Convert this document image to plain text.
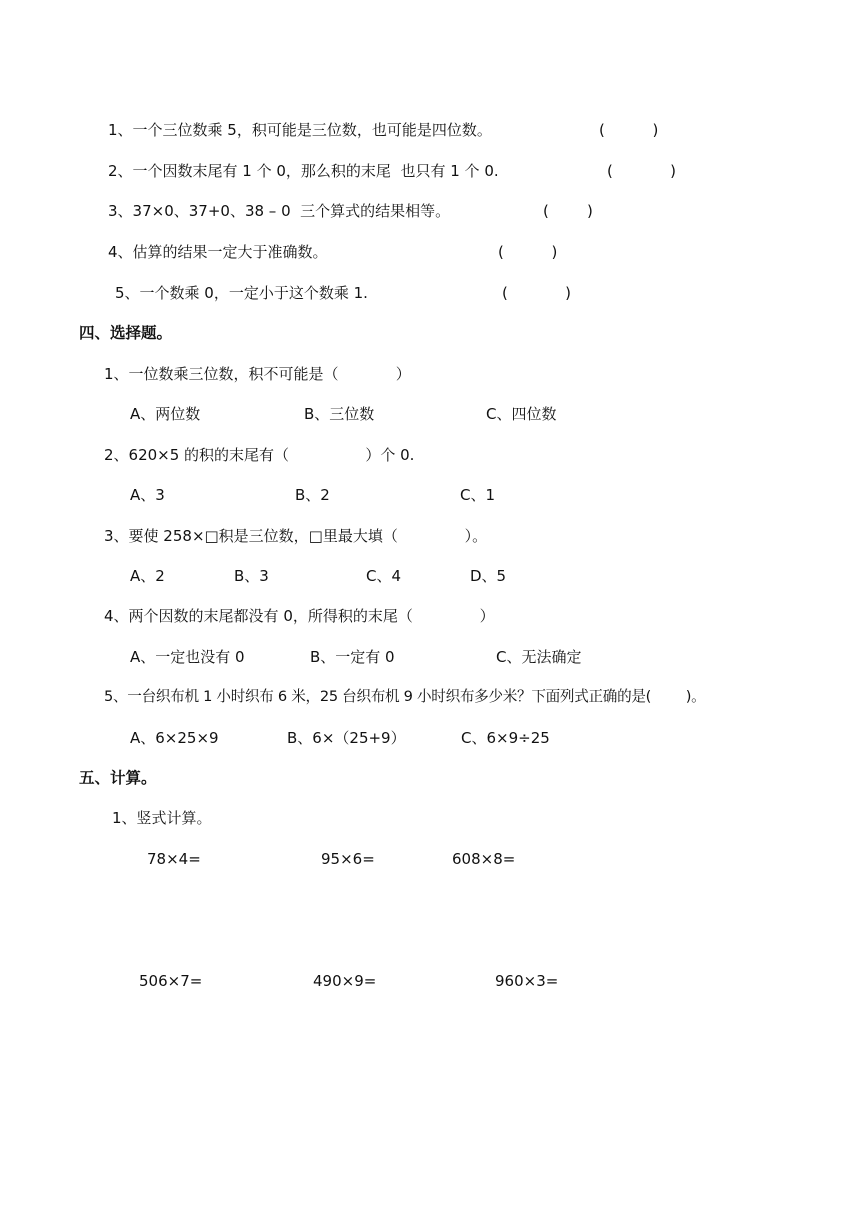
1、一个三位数乘 5，积可能是三位数，也可能是四位数。	(          )
2、一个因数末尾有 1 个 0，那么积的末尾  也只有 1 个 0.	(            )
3、37×0、37+0、38 – 0  三个算式的结果相等。	(        )
4、估算的结果一定大于准确数。	(          )
5、一个数乘 0，一定小于这个数乘 1.	(            )
四、选择题。
1、一位数乘三位数，积不可能是（            ）
A、两位数	B、三位数	C、四位数
2、620×5 的积的末尾有（                ）个 0.
A、3	B、2	C、1
3、要使 258×□积是三位数，□里最大填（              ）。
A、2	B、3	C、4	D、5
4、两个因数的末尾都没有 0，所得积的末尾（              ）
A、一定也没有 0	B、一定有 0	C、无法确定
5、一台织布机 1 小时织布 6 米，25 台织布机 9 小时织布多少米？下面列式正确的是(        )。
A、6×25×9	B、6×（25+9）	C、6×9÷25
五、计算。
1、竖式计算。
78×4=	95×6=	608×8=
506×7=	490×9=	960×3=
